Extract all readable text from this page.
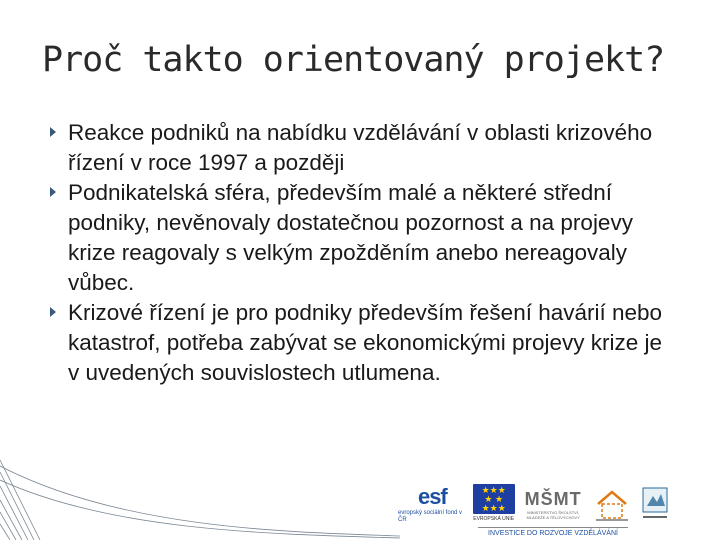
Proč takto orientovaný projekt?
Reakce podniků na nabídku vzdělávání v oblasti krizového řízení v roce 1997 a později
Podnikatelská sféra, především malé a některé střední podniky, nevěnovaly dostatečnou pozornost a na projevy krize reagovaly s velkým zpožděním anebo nereagovaly vůbec.
Krizové řízení je pro podniky především řešení havárií nebo katastrof, potřeba zabývat se ekonomickými projevy krize je v uvedených souvislostech utlumena.
esf
evropský sociální fond v ČR
★★★
★ ★
★★★
EVROPSKÁ UNIE
MŠMT
MINISTERSTVO ŠKOLSTVÍ, MLÁDEŽE A TĚLOVÝCHOVY
INVESTICE DO ROZVOJE VZDĚLÁVÁNÍ
